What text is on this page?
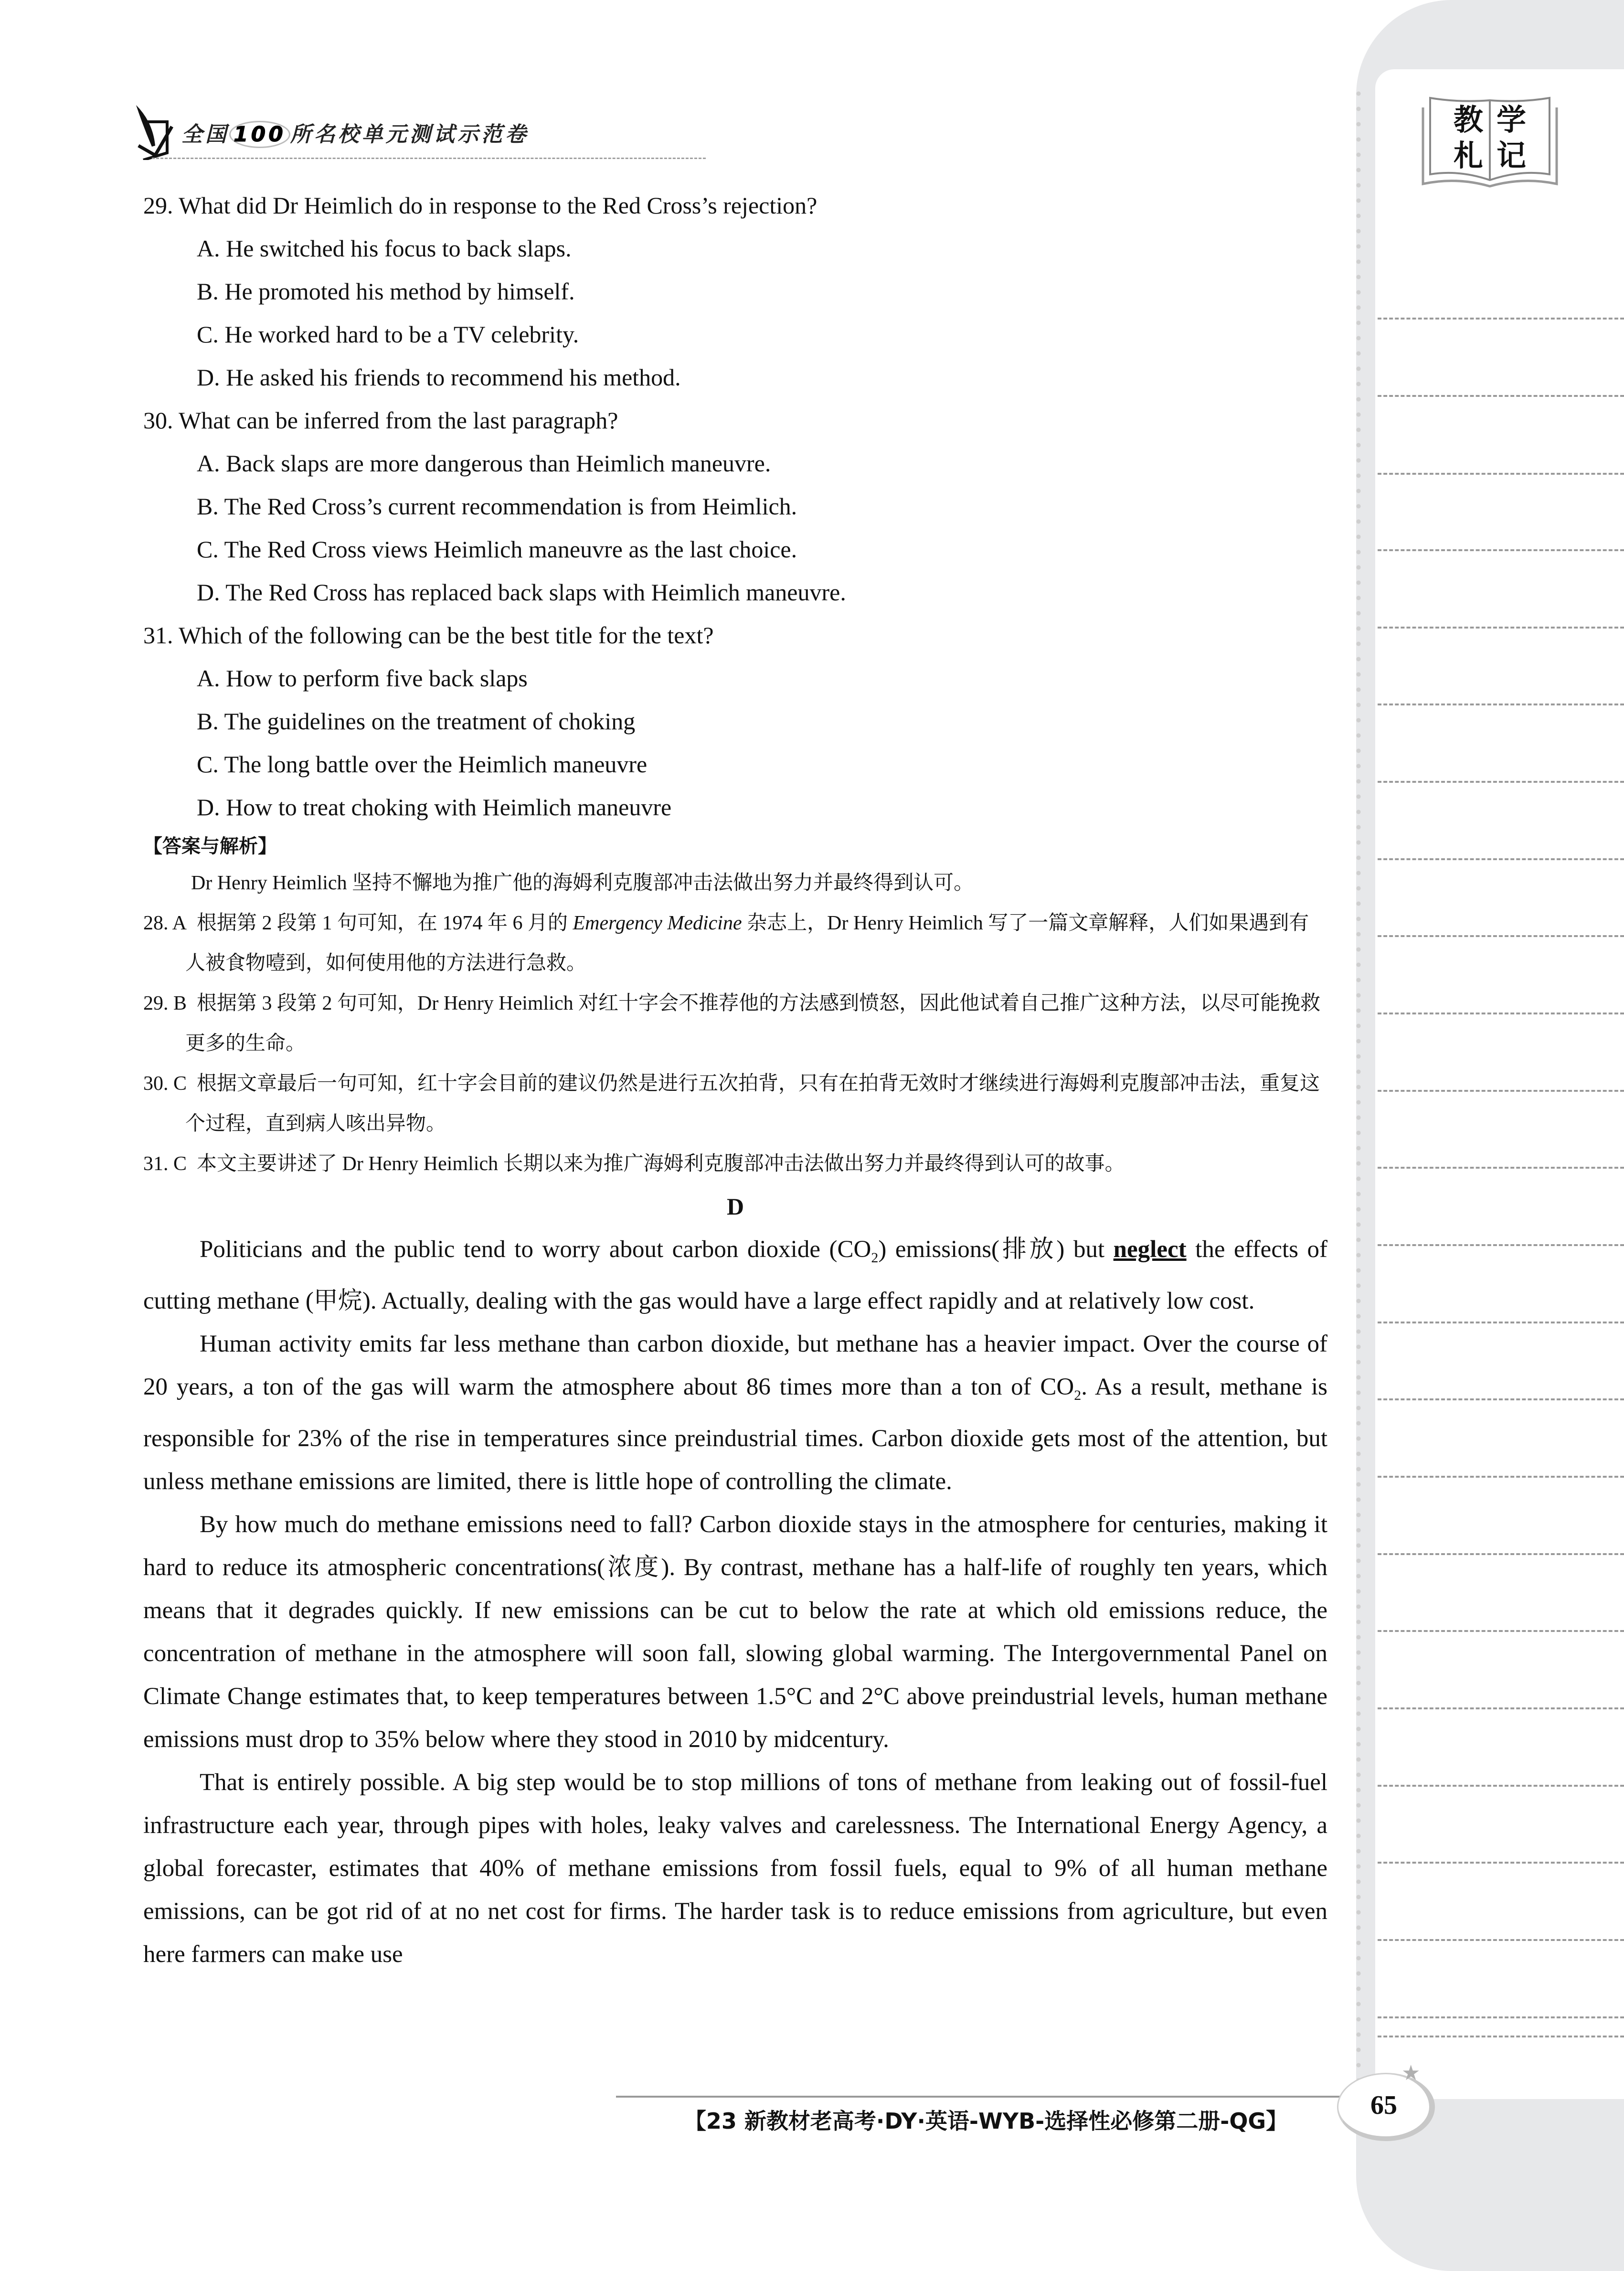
教 学
札 记
全国 100 所名校单元测试示范卷
29. What did Dr Heimlich do in response to the Red Cross’s rejection?
A. He switched his focus to back slaps.
B. He promoted his method by himself.
C. He worked hard to be a TV celebrity.
D. He asked his friends to recommend his method.
30. What can be inferred from the last paragraph?
A. Back slaps are more dangerous than Heimlich maneuvre.
B. The Red Cross’s current recommendation is from Heimlich.
C. The Red Cross views Heimlich maneuvre as the last choice.
D. The Red Cross has replaced back slaps with Heimlich maneuvre.
31. Which of the following can be the best title for the text?
A. How to perform five back slaps
B. The guidelines on the treatment of choking
C. The long battle over the Heimlich maneuvre
D. How to treat choking with Heimlich maneuvre
【答案与解析】
Dr Henry Heimlich 坚持不懈地为推广他的海姆利克腹部冲击法做出努力并最终得到认可。
28. A 根据第 2 段第 1 句可知，在 1974 年 6 月的 Emergency Medicine 杂志上，Dr Henry Heimlich 写了一篇文章解释，人们如果遇到有人被食物噎到，如何使用他的方法进行急救。
29. B 根据第 3 段第 2 句可知，Dr Henry Heimlich 对红十字会不推荐他的方法感到愤怒，因此他试着自己推广这种方法，以尽可能挽救更多的生命。
30. C 根据文章最后一句可知，红十字会目前的建议仍然是进行五次拍背，只有在拍背无效时才继续进行海姆利克腹部冲击法，重复这个过程，直到病人咳出异物。
31. C 本文主要讲述了 Dr Henry Heimlich 长期以来为推广海姆利克腹部冲击法做出努力并最终得到认可的故事。
D
Politicians and the public tend to worry about carbon dioxide $(CO_2)$ emissions(排放) but neglect the effects of cutting methane (甲烷). Actually, dealing with the gas would have a large effect rapidly and at relatively low cost.
Human activity emits far less methane than carbon dioxide, but methane has a heavier impact. Over the course of 20 years, a ton of the gas will warm the atmosphere about 86 times more than a ton of $CO_2$. As a result, methane is responsible for 23% of the rise in temperatures since preindustrial times. Carbon dioxide gets most of the attention, but unless methane emissions are limited, there is little hope of controlling the climate.
By how much do methane emissions need to fall? Carbon dioxide stays in the atmosphere for centuries, making it hard to reduce its atmospheric concentrations(浓度). By contrast, methane has a half-life of roughly ten years, which means that it degrades quickly. If new emissions can be cut to below the rate at which old emissions reduce, the concentration of methane in the atmosphere will soon fall, slowing global warming. The Intergovernmental Panel on Climate Change estimates that, to keep temperatures between 1.5°C and 2°C above preindustrial levels, human methane emissions must drop to 35% below where they stood in 2010 by midcentury.
That is entirely possible. A big step would be to stop millions of tons of methane from leaking out of fossil-fuel infrastructure each year, through pipes with holes, leaky valves and carelessness. The International Energy Agency, a global forecaster, estimates that 40% of methane emissions from fossil fuels, equal to 9% of all human methane emissions, can be got rid of at no net cost for firms. The harder task is to reduce emissions from agriculture, but even here farmers can make use
【23 新教材老高考·DY·英语-WYB-选择性必修第二册-QG】
65
★
